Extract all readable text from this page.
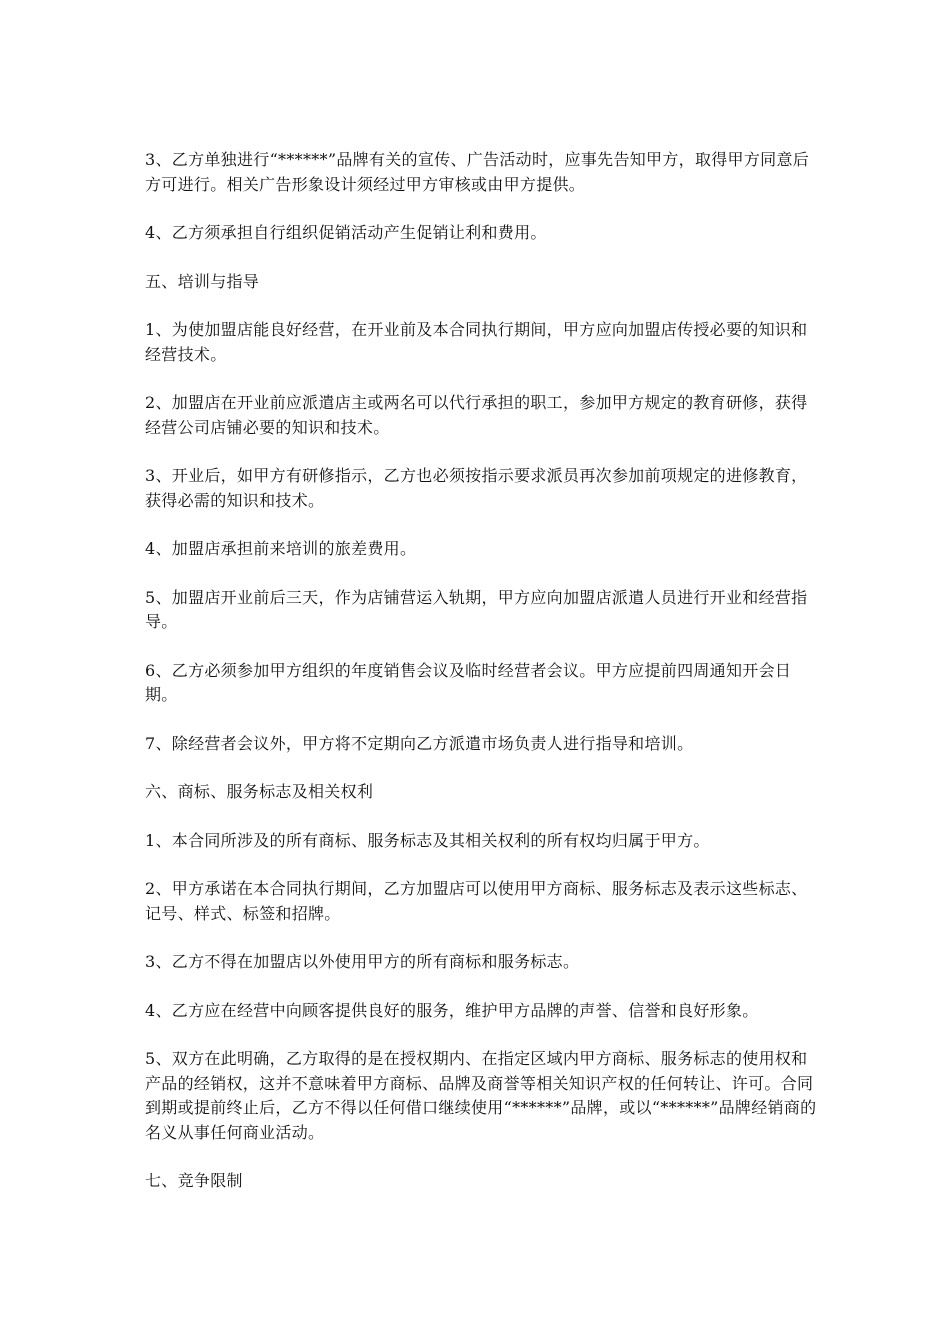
3、乙方单独进行“******”品牌有关的宣传、广告活动时，应事先告知甲方，取得甲方同意后方可进行。相关广告形象设计须经过甲方审核或由甲方提供。

4、乙方须承担自行组织促销活动产生促销让利和费用。

五、培训与指导

1、为使加盟店能良好经营，在开业前及本合同执行期间，甲方应向加盟店传授必要的知识和经营技术。

2、加盟店在开业前应派遣店主或两名可以代行承担的职工，参加甲方规定的教育研修，获得经营公司店铺必要的知识和技术。

3、开业后，如甲方有研修指示，乙方也必须按指示要求派员再次参加前项规定的进修教育，获得必需的知识和技术。

4、加盟店承担前来培训的旅差费用。

5、加盟店开业前后三天，作为店铺营运入轨期，甲方应向加盟店派遣人员进行开业和经营指导。

6、乙方必须参加甲方组织的年度销售会议及临时经营者会议。甲方应提前四周通知开会日期。

7、除经营者会议外，甲方将不定期向乙方派遣市场负责人进行指导和培训。

六、商标、服务标志及相关权利

1、本合同所涉及的所有商标、服务标志及其相关权利的所有权均归属于甲方。

2、甲方承诺在本合同执行期间，乙方加盟店可以使用甲方商标、服务标志及表示这些标志、记号、样式、标签和招牌。

3、乙方不得在加盟店以外使用甲方的所有商标和服务标志。

4、乙方应在经营中向顾客提供良好的服务，维护甲方品牌的声誉、信誉和良好形象。

5、双方在此明确，乙方取得的是在授权期内、在指定区域内甲方商标、服务标志的使用权和产品的经销权，这并不意味着甲方商标、品牌及商誉等相关知识产权的任何转让、许可。合同到期或提前终止后，乙方不得以任何借口继续使用“******”品牌，或以“******”品牌经销商的名义从事任何商业活动。

七、竞争限制
